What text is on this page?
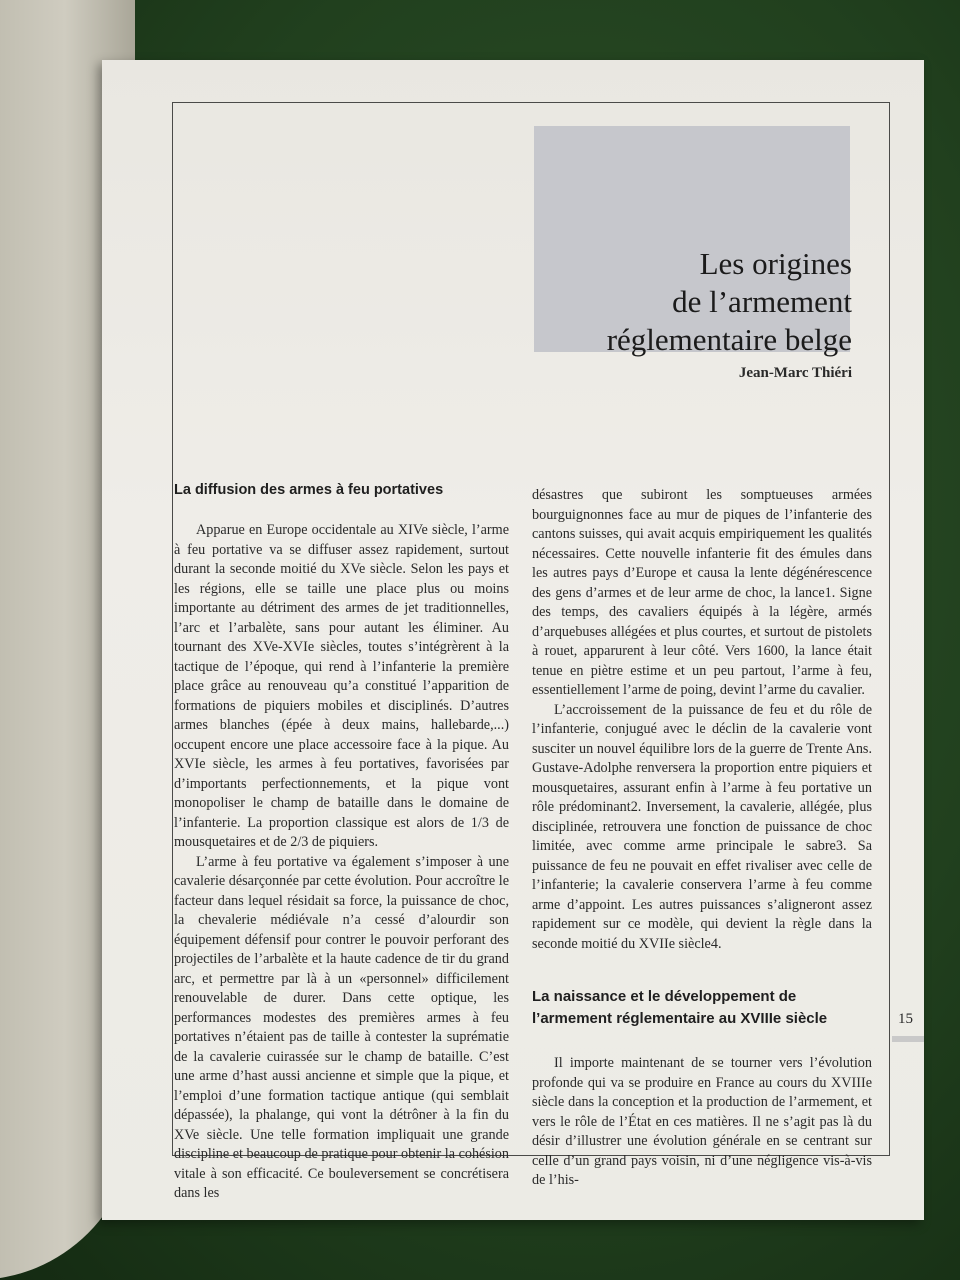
Les origines
de l’armement
réglementaire belge
Jean-Marc Thiéri
La diffusion des armes à feu portatives

Apparue en Europe occidentale au XIVe siècle, l’arme à feu portative va se diffuser assez rapidement, surtout durant la seconde moitié du XVe siècle. Selon les pays et les régions, elle se taille une place plus ou moins importante au détriment des armes de jet traditionnelles, l’arc et l’arbalète, sans pour autant les éliminer. Au tournant des XVe-XVIe siècles, toutes s’intégrèrent à la tactique de l’époque, qui rend à l’infanterie la première place grâce au renouveau qu’a constitué l’apparition de formations de piquiers mobiles et disciplinés. D’autres armes blanches (épée à deux mains, hallebarde,...) occupent encore une place accessoire face à la pique. Au XVIe siècle, les armes à feu portatives, favorisées par d’importants perfectionnements, et la pique vont monopoliser le champ de bataille dans le domaine de l’infanterie. La proportion classique est alors de 1/3 de mousquetaires et de 2/3 de piquiers.

L’arme à feu portative va également s’imposer à une cavalerie désarçonnée par cette évolution. Pour accroître le facteur dans lequel résidait sa force, la puissance de choc, la chevalerie médiévale n’a cessé d’alourdir son équipement défensif pour contrer le pouvoir perforant des projectiles de l’arbalète et la haute cadence de tir du grand arc, et permettre par là à un «personnel» difficilement renouvelable de durer. Dans cette optique, les performances modestes des premières armes à feu portatives n’étaient pas de taille à contester la suprématie de la cavalerie cuirassée sur le champ de bataille. C’est une arme d’hast aussi ancienne et simple que la pique, et l’emploi d’une formation tactique antique (qui semblait dépassée), la phalange, qui vont la détrôner à la fin du XVe siècle. Une telle formation impliquait une grande discipline et beaucoup de pratique pour obtenir la cohésion vitale à son efficacité. Ce bouleversement se concrétisera dans les

désastres que subiront les somptueuses armées bourguignonnes face au mur de piques de l’infanterie des cantons suisses, qui avait acquis empiriquement les qualités nécessaires. Cette nouvelle infanterie fit des émules dans les autres pays d’Europe et causa la lente dégénérescence des gens d’armes et de leur arme de choc, la lance1. Signe des temps, des cavaliers équipés à la légère, armés d’arquebuses allégées et plus courtes, et surtout de pistolets à rouet, apparurent à leur côté. Vers 1600, la lance était tenue en piètre estime et un peu partout, l’arme à feu, essentiellement l’arme de poing, devint l’arme du cavalier.

L’accroissement de la puissance de feu et du rôle de l’infanterie, conjugué avec le déclin de la cavalerie vont susciter un nouvel équilibre lors de la guerre de Trente Ans. Gustave-Adolphe renversera la proportion entre piquiers et mousquetaires, assurant enfin à l’arme à feu portative un rôle prédominant2. Inversement, la cavalerie, allégée, plus disciplinée, retrouvera une fonction de puissance de choc limitée, avec comme arme principale le sabre3. Sa puissance de feu ne pouvait en effet rivaliser avec celle de l’infanterie; la cavalerie conservera l’arme à feu comme arme d’appoint. Les autres puissances s’aligneront assez rapidement sur ce modèle, qui devient la règle dans la seconde moitié du XVIIe siècle4.

La naissance et le développement de l’armement réglementaire au XVIIIe siècle

Il importe maintenant de se tourner vers l’évolution profonde qui va se produire en France au cours du XVIIIe siècle dans la conception et la production de l’armement, et vers le rôle de l’État en ces matières. Il ne s’agit pas là du désir d’illustrer une évolution générale en se centrant sur celle d’un grand pays voisin, ni d’une négligence vis-à-vis de l’his-

15
